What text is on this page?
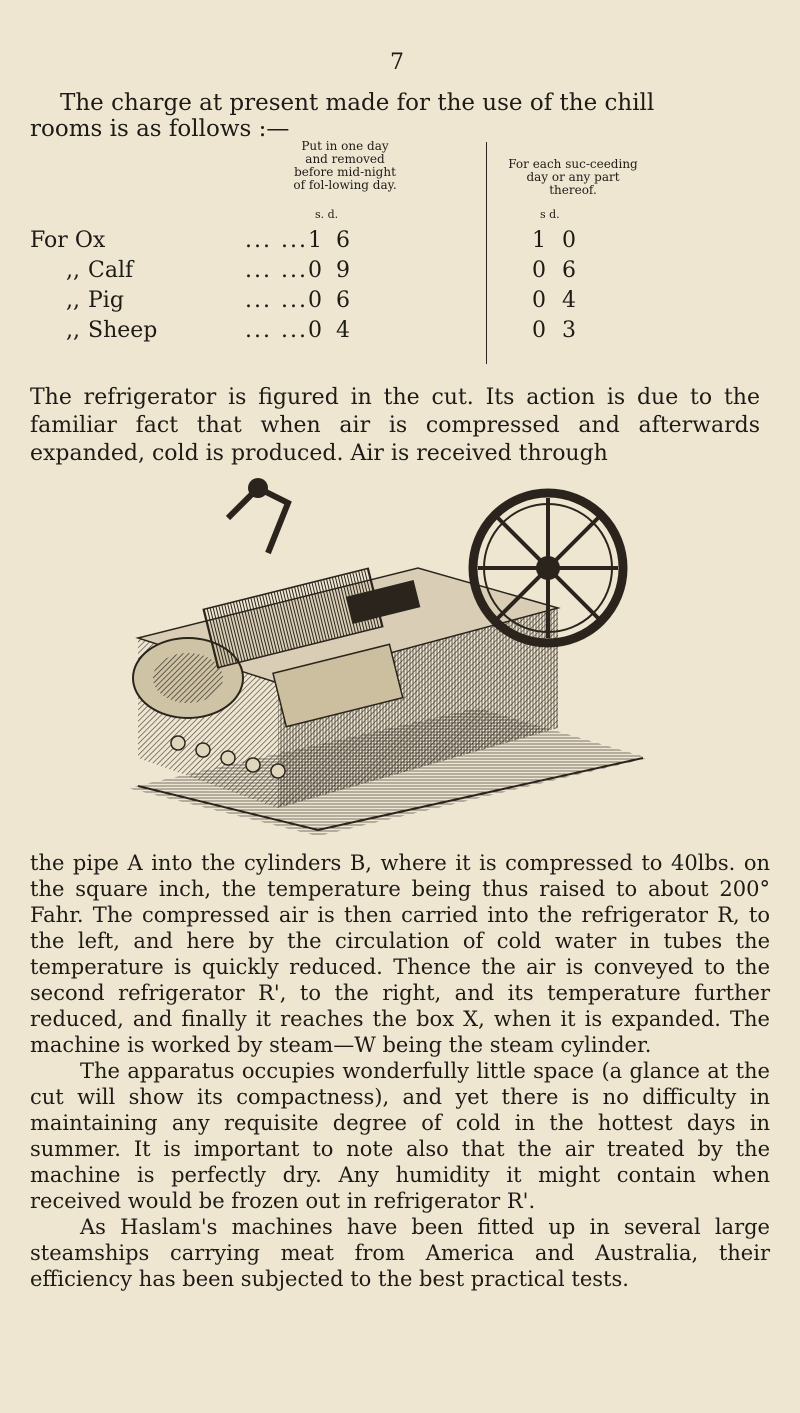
7
The charge at present made for the use of the chill
rooms is as follows :—
Put in one day and removed before mid-night of fol-lowing day.
For each suc-ceeding day or any part thereof.
s. d.	s d.
For Ox	... ... 1 6	1 0
,, Calf	... ... 0 9	0 6
,, Pig	... ... 0 6	0 4
,, Sheep	... ... 0 4	0 3
The refrigerator is figured in the cut. Its action is due to the familiar fact that when air is compressed and afterwards expanded, cold is produced. Air is received through

the pipe A into the cylinders B, where it is compressed to 40lbs. on the square inch, the temperature being thus raised to about 200° Fahr. The compressed air is then carried into the refrigerator R, to the left, and here by the circulation of cold water in tubes the temperature is quickly reduced. Thence the air is conveyed to the second refrigerator R', to the right, and its temperature further reduced, and finally it reaches the box X, when it is expanded. The machine is worked by steam—W being the steam cylinder.

The apparatus occupies wonderfully little space (a glance at the cut will show its compactness), and yet there is no difficulty in maintaining any requisite degree of cold in the hottest days in summer. It is important to note also that the air treated by the machine is perfectly dry. Any humidity it might contain when received would be frozen out in refrigerator R'.

As Haslam's machines have been fitted up in several large steamships carrying meat from America and Australia, their efficiency has been subjected to the best practical tests.
